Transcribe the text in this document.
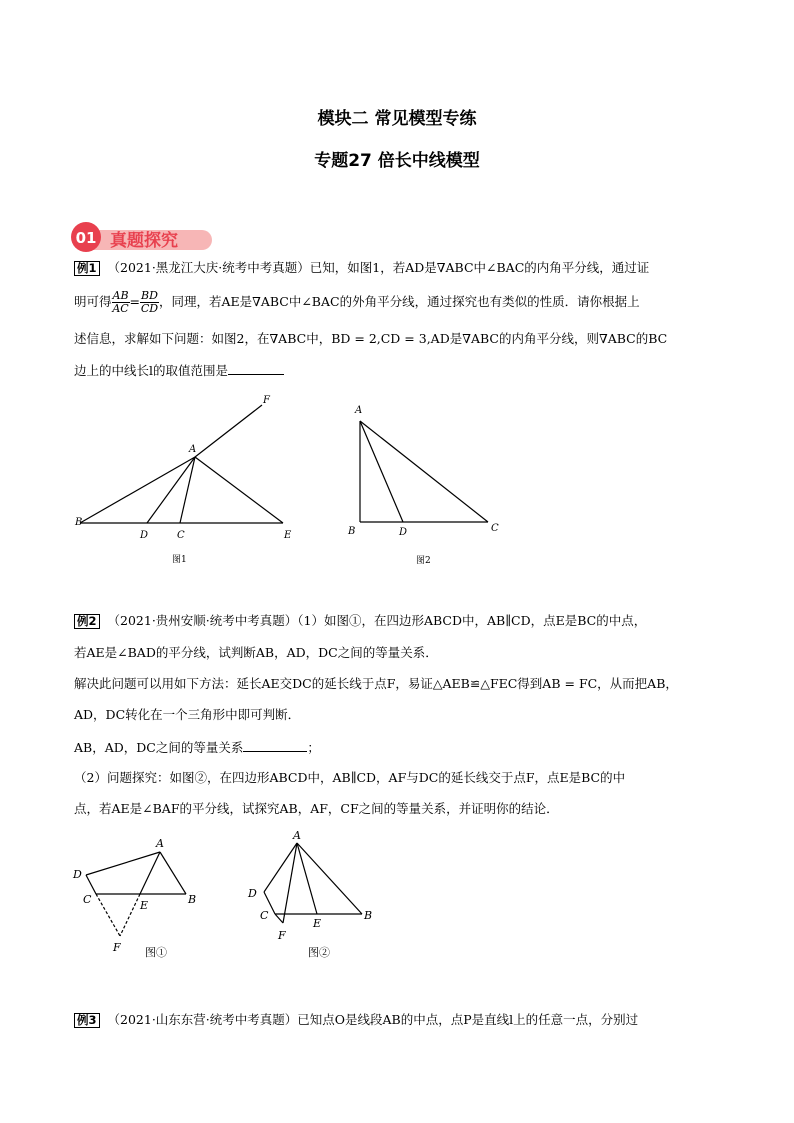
模块二 常见模型专练
专题27 倍长中线模型
01 真题探究
例1 （2021·黑龙江大庆·统考中考真题）已知，如图1，若AD是∇ABC中∠BAC的内角平分线，通过证
明可得 $\frac{AB}{AC} = \frac{BD}{CD}$ ，同理，若AE是∇ABC中∠BAC的外角平分线，通过探究也有类似的性质．请你根据上
述信息，求解如下问题：如图2，在∇ABC中，BD = 2,CD = 3,AD是∇ABC的内角平分线，则∇ABC的BC
边上的中线长l的取值范围是
A
B
C
D	E
F
图1
A
B	C
D
图2
例2 （2021·贵州安顺·统考中考真题）（1）如图①，在四边形ABCD中，AB∥CD，点E是BC的中点，
若AE是∠BAD的平分线，试判断AB，AD，DC之间的等量关系．
解决此问题可以用如下方法：延长AE交DC的延长线于点F，易证△AEB≌△FEC得到AB = FC，从而把AB，
AD，DC转化在一个三角形中即可判断．
AB，AD，DC之间的等量关系	；
（2）问题探究：如图②，在四边形ABCD中，AB∥CD，AF与DC的延长线交于点F，点E是BC的中
点，若AE是∠BAF的平分线，试探究AB，AF，CF之间的等量关系，并证明你的结论．
A
B
C
D
E
F 图①
A
B
C
D
E
F
图②
例3 （2021·山东东营·统考中考真题）已知点O是线段AB的中点，点P是直线l上的任意一点，分别过
